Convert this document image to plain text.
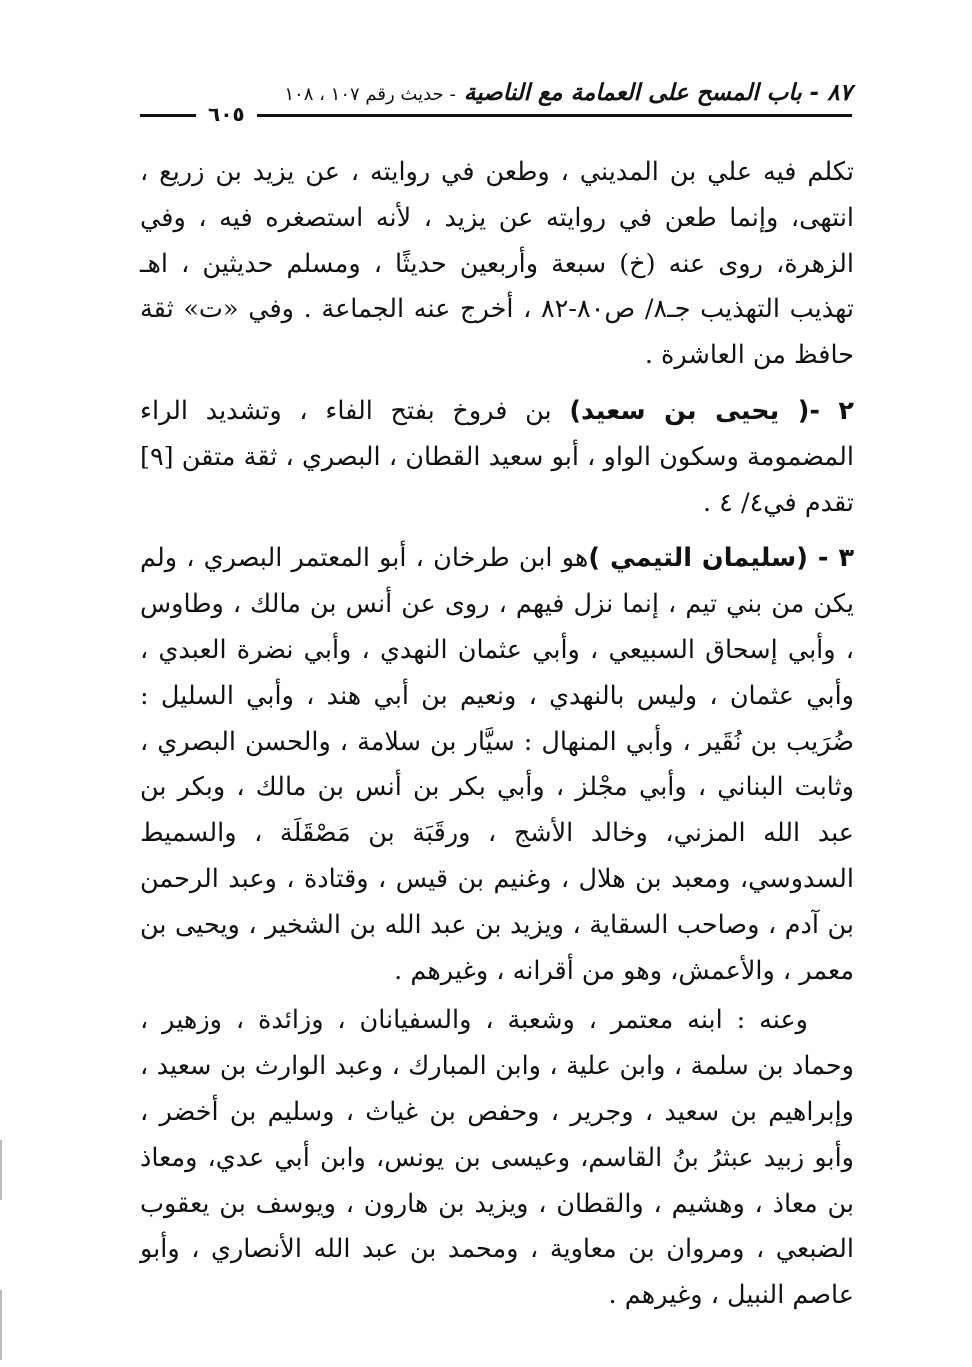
٨٧ - باب المسح على العمامة مع الناصية - حديث رقم ١٠٧ ، ١٠٨
٦٠٥

تكلم فيه علي بن المديني ، وطعن في روايته ، عن يزيد بن زريع ، انتهى، وإنما طعن في روايته عن يزيد ، لأنه استصغره فيه ، وفي الزهرة، روى عنه (خ) سبعة وأربعين حديثًا ، ومسلم حديثين ، اهـ تهذيب التهذيب جـ٨/ ص٨٠-٨٢ ، أخرج عنه الجماعة . وفي «ت» ثقة حافظ من العاشرة .

٢ -( يحيى بن سعيد) بن فروخ بفتح الفاء ، وتشديد الراء المضمومة وسكون الواو ، أبو سعيد القطان ، البصري ، ثقة متقن [٩] تقدم في٤/ ٤ .

٣ - (سليمان التيمي )هو ابن طرخان ، أبو المعتمر البصري ، ولم يكن من بني تيم ، إنما نزل فيهم ، روى عن أنس بن مالك ، وطاوس ، وأبي إسحاق السبيعي ، وأبي عثمان النهدي ، وأبي نضرة العبدي ، وأبي عثمان ، وليس بالنهدي ، ونعيم بن أبي هند ، وأبي السليل : ضُرَيب بن نُقَير ، وأبي المنهال : سيَّار بن سلامة ، والحسن البصري ، وثابت البناني ، وأبي مجْلز ، وأبي بكر بن أنس بن مالك ، وبكر بن عبد الله المزني، وخالد الأشج ، ورقَبَة بن مَصْقَلَة ، والسميط السدوسي، ومعبد بن هلال ، وغنيم بن قيس ، وقتادة ، وعبد الرحمن بن آدم ، وصاحب السقاية ، ويزيد بن عبد الله بن الشخير ، ويحيى بن معمر ، والأعمش، وهو من أقرانه ، وغيرهم .

وعنه : ابنه معتمر ، وشعبة ، والسفيانان ، وزائدة ، وزهير ، وحماد بن سلمة ، وابن علية ، وابن المبارك ، وعبد الوارث بن سعيد ، وإبراهيم بن سعيد ، وجرير ، وحفص بن غياث ، وسليم بن أخضر ، وأبو زبيد عبثرُ بنُ القاسم، وعيسى بن يونس، وابن أبي عدي، ومعاذ بن معاذ ، وهشيم ، والقطان ، ويزيد بن هارون ، ويوسف بن يعقوب الضبعي ، ومروان بن معاوية ، ومحمد بن عبد الله الأنصاري ، وأبو عاصم النبيل ، وغيرهم .
